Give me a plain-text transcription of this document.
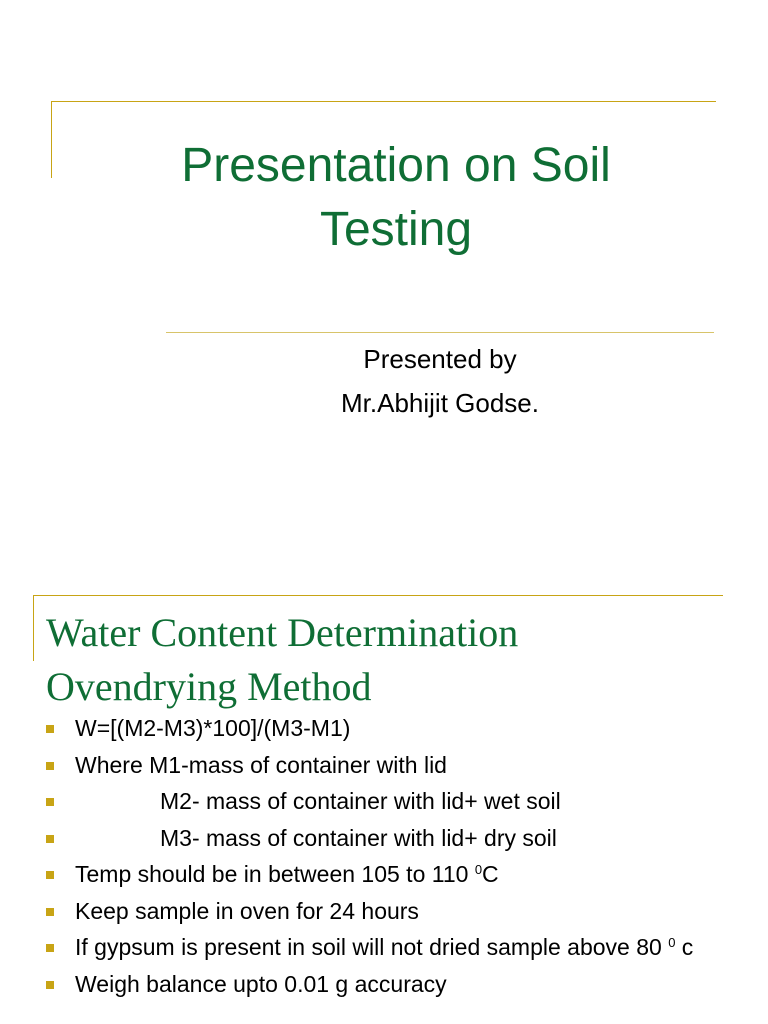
Presentation on Soil
Testing
Presented by
Mr.Abhijit Godse.
Water Content Determination
Ovendrying Method
W=[(M2-M3)*100]/(M3-M1)
Where M1-mass of container with lid
M2- mass of container with lid+ wet soil
M3- mass of container with lid+ dry soil
Temp should be in between 105 to 110 $^0$C
Keep sample in oven for 24 hours
If gypsum is present in soil will not dried sample above 80 $^0$ c
Weigh balance upto 0.01 g accuracy
